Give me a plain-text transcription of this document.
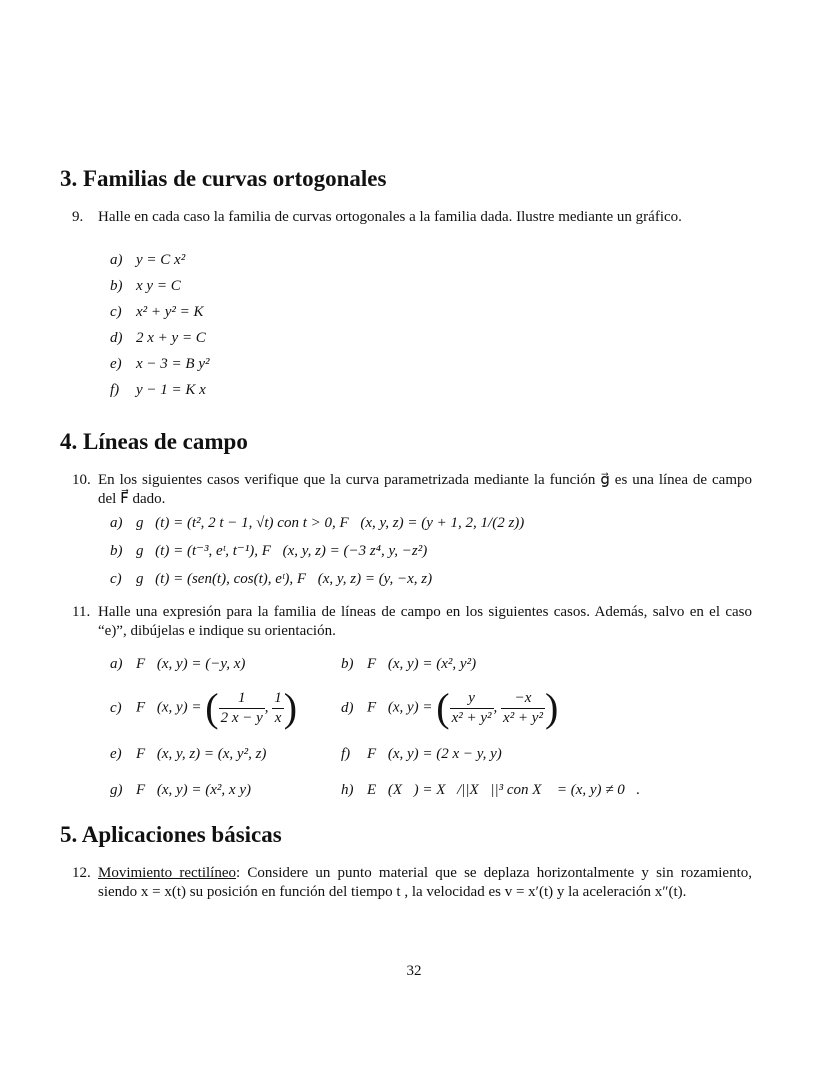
3. Familias de curvas ortogonales
9. Halle en cada caso la familia de curvas ortogonales a la familia dada. Ilustre mediante un gráfico.

a) y = C x²
b) x y = C
c) x² + y² = K
d) 2 x + y = C
e) x − 3 = B y²
f) y − 1 = K x
4. Líneas de campo
10. En los siguientes casos verifique que la curva parametrizada mediante la función g⃗ es una línea de campo del F⃗ dado.

a) g⃗(t) = (t², 2 t − 1, √t) con t > 0, F⃗(x, y, z) = (y + 1, 2, 1/(2 z))
b) g⃗(t) = (t⁻³, eᵗ, t⁻¹), F⃗(x, y, z) = (−3 z⁴, y, −z²)
c) g⃗(t) = (sen(t), cos(t), eᵗ), F⃗(x, y, z) = (y, −x, z)
11. Halle una expresión para la familia de líneas de campo en los siguientes casos. Además, salvo en el caso “e)”, dibújelas e indique su orientación.

a) F⃗(x, y) = (−y, x)	b) F⃗(x, y) = (x², y²)
c) F⃗(x, y) = ( $\frac{1}{2 x - y}$ , $\frac{1}{x}$ )	d) F⃗(x, y) = ( $\frac{y}{\text{x² + y²}}$ , $\frac{-x}{\text{x² + y²}}$ )
e) F⃗(x, y, z) = (x, y², z)	f) F⃗(x, y) = (2 x − y, y)
g) F⃗(x, y) = (x², x y)	h) E⃗(X⃗) = X⃗/||X⃗||³ con X⃗ = (x, y) ≠ 0⃗.
5. Aplicaciones básicas
12. Movimiento rectilíneo: Considere un punto material que se deplaza horizontalmente y sin rozamiento, siendo x = x(t) su posición en función del tiempo t , la velocidad es v = x′(t) y la aceleración x″(t).

32
